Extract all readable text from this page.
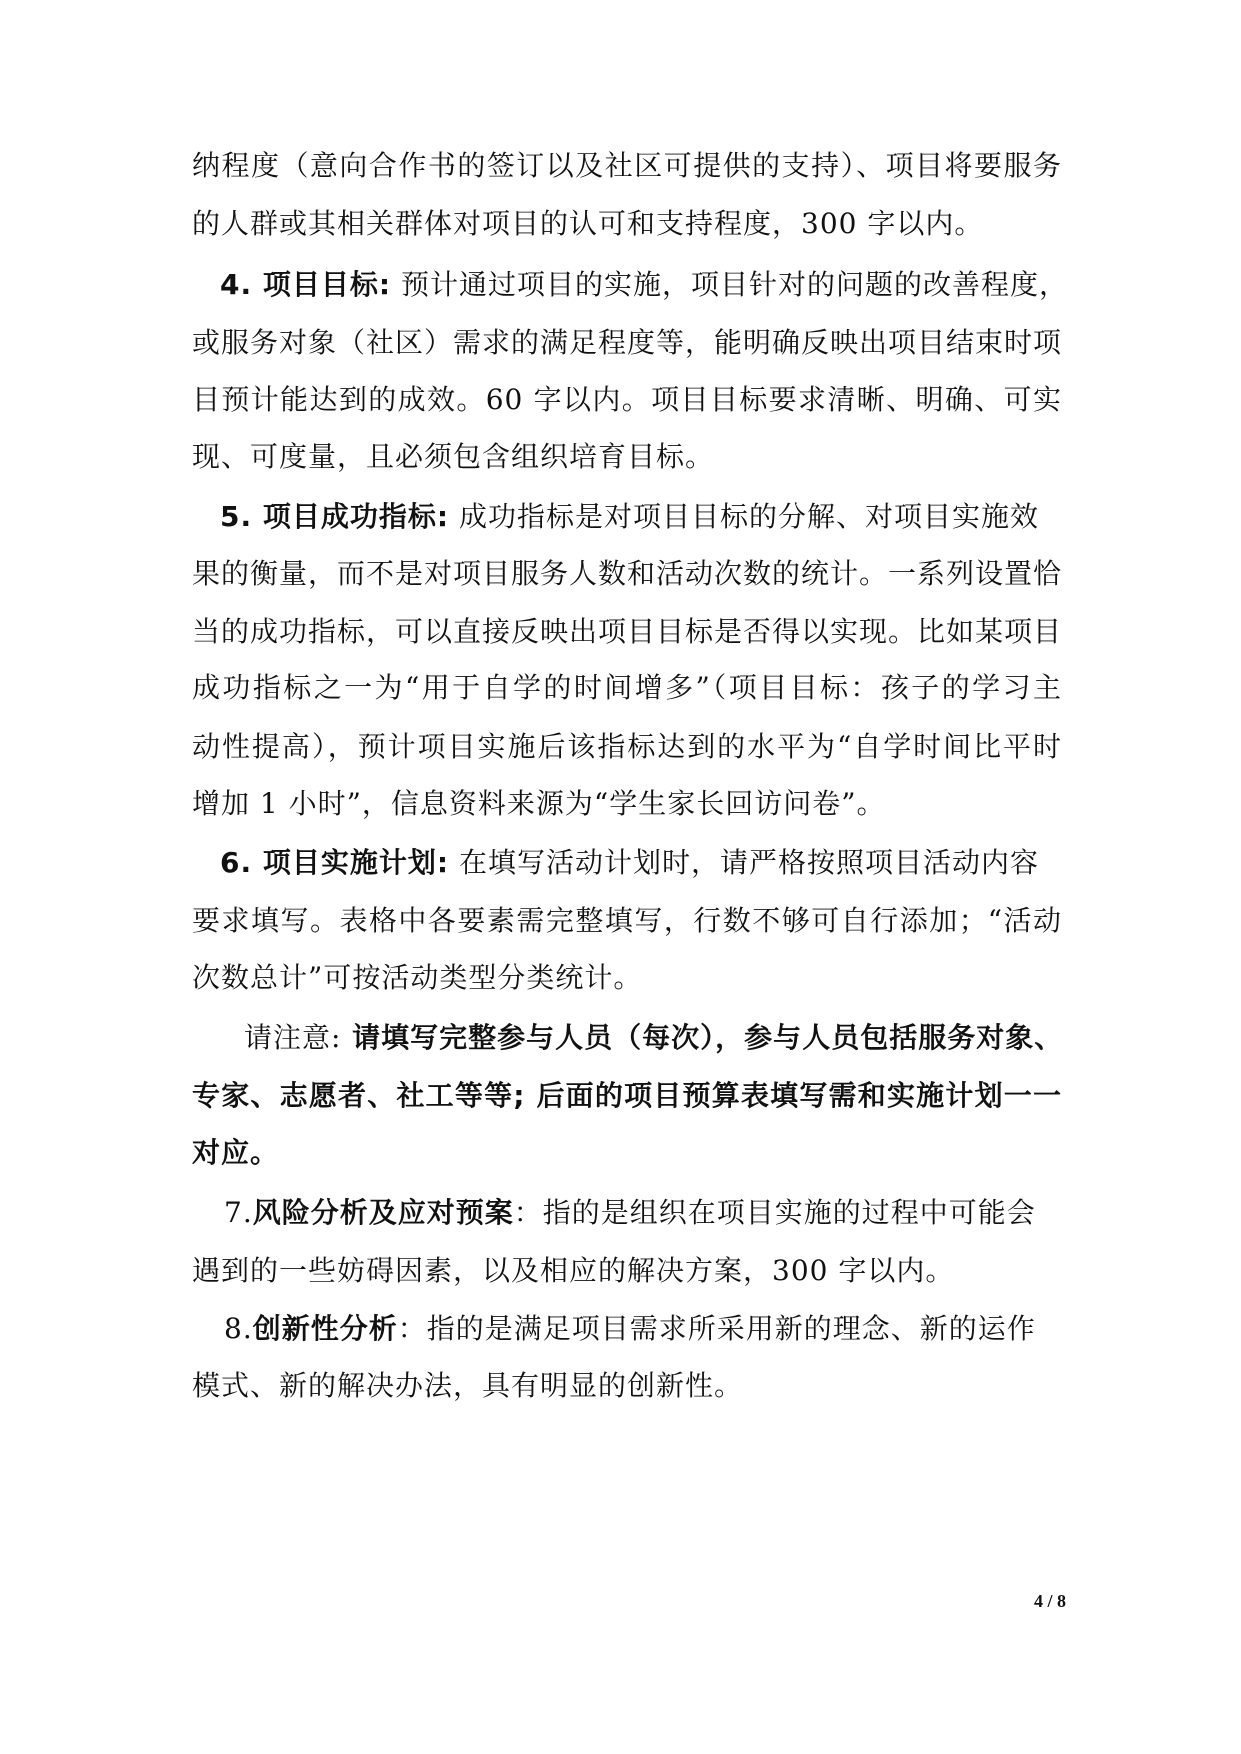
纳程度（意向合作书的签订以及社区可提供的支持）、项目将要服务
的人群或其相关群体对项目的认可和支持程度，300 字以内。
4. 项目目标: 预计通过项目的实施，项目针对的问题的改善程度，
或服务对象（社区）需求的满足程度等，能明确反映出项目结束时项
目预计能达到的成效。60 字以内。项目目标要求清晰、明确、可实
现、可度量，且必须包含组织培育目标。
5. 项目成功指标: 成功指标是对项目目标的分解、对项目实施效
果的衡量，而不是对项目服务人数和活动次数的统计。一系列设置恰
当的成功指标，可以直接反映出项目目标是否得以实现。比如某项目
成功指标之一为“用于自学的时间增多”（项目目标：孩子的学习主
动性提高），预计项目实施后该指标达到的水平为“自学时间比平时
增加 1 小时”，信息资料来源为“学生家长回访问卷”。
6. 项目实施计划: 在填写活动计划时，请严格按照项目活动内容
要求填写。表格中各要素需完整填写，行数不够可自行添加；“活动
次数总计”可按活动类型分类统计。
请注意: 请填写完整参与人员（每次），参与人员包括服务对象、
专家、志愿者、社工等等; 后面的项目预算表填写需和实施计划一一
对应。
7.风险分析及应对预案：指的是组织在项目实施的过程中可能会
遇到的一些妨碍因素，以及相应的解决方案，300 字以内。
8.创新性分析：指的是满足项目需求所采用新的理念、新的运作
模式、新的解决办法，具有明显的创新性。
4 / 8
